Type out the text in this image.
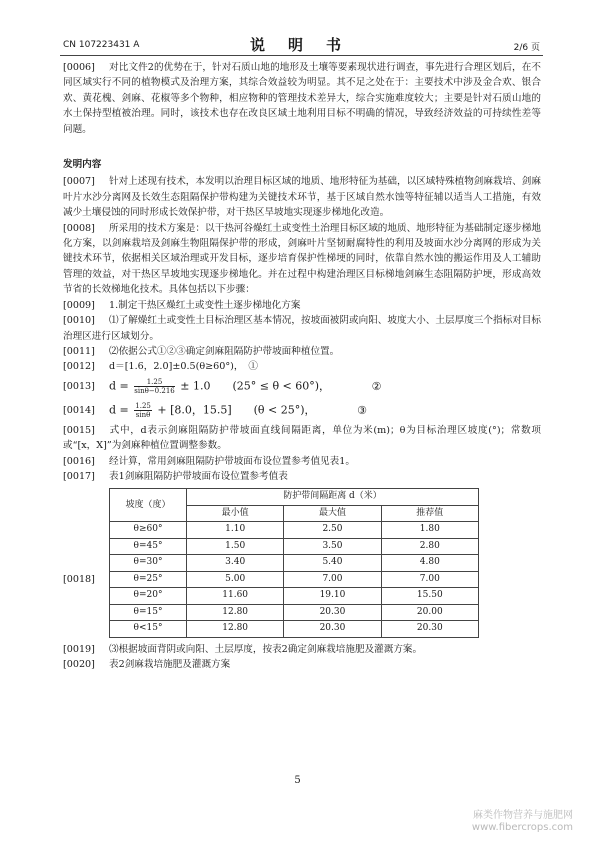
CN 107223431 A	说　明　书	2/6 页

[0006] 对比文件2的优势在于，针对石质山地的地形及土壤等要素现状进行调查，事先进行合理区划后，在不同区域实行不同的植物模式及治理方案，其综合效益较为明显。其不足之处在于：主要技术中涉及金合欢、银合欢、黄花槐、剑麻、花椒等多个物种，相应物种的管理技术差异大，综合实施难度较大；主要是针对石质山地的水土保持型植被治理。同时，该技术也存在改良区域土地利用目标不明确的情况，导致经济效益的可持续性差等问题。

发明内容

[0007] 针对上述现有技术，本发明以治理目标区域的地质、地形特征为基础，以区域特殊植物剑麻栽培、剑麻叶片水沙分离网及长效生态阻隔保护带构建为关键技术环节，基于区域自然水蚀等特征辅以适当人工措施，有效减少土壤侵蚀的同时形成长效保护带，对干热区旱坡地实现逐步梯地化改造。

[0008] 所采用的技术方案是：以干热河谷燥红土或变性土治理目标区域的地质、地形特征为基础制定逐步梯地化方案，以剑麻栽培及剑麻生物阻隔保护带的形成，剑麻叶片坚韧耐腐特性的利用及坡面水沙分离网的形成为关键技术环节，依据相关区域治理或开发目标，逐步培育保护性梯埂的同时，依靠自然水蚀的搬运作用及人工辅助管理的效益，对干热区旱坡地实现逐步梯地化。并在过程中构建治理区目标梯地剑麻生态阻隔防护埂，形成高效节省的长效梯地化技术。具体包括以下步骤：

[0009] 1.制定干热区燥红土或变性土逐步梯地化方案

[0010] ⑴了解燥红土或变性土目标治理区基本情况，按坡面被阴或向阳、坡度大小、土层厚度三个指标对目标治理区进行区域划分。

[0011] ⑵依据公式①②③确定剑麻阻隔防护带坡面种植位置。

[0012] d＝[1.6，2.0]±0.5(θ≥60°)，　①

[0013]	$d = \frac{1.25}{\sin\theta-0.216} \pm 1.0$　　(25° ≤ θ < 60°)，	②
[0014]	$d = \frac{1.25}{\sin\theta} + [8.0$，15.5]　　(θ < 25°)，	③

[0015] 式中，d表示剑麻阻隔防护带坡面直线间隔距离，单位为米(m)；θ为目标治理区坡度(°)；常数项或“[x，X]”为剑麻种植位置调整参数。

[0016] 经计算，常用剑麻阻隔防护带坡面布设位置参考值见表1。

[0017] 表1剑麻阻隔防护带坡面布设位置参考值表

[0018]
坡度（度）	防护带间隔距离 d（米）		
	最小值	最大值	推荐值
θ≥60°	1.10	2.50	1.80
θ=45°	1.50	3.50	2.80
θ=30°	3.40	5.40	4.80
θ=25°	5.00	7.00	7.00
θ=20°	11.60	19.10	15.50
θ=15°	12.80	20.30	20.00
θ<15°	12.80	20.30	20.30

[0019] ⑶根据坡面背阴或向阳、土层厚度，按表2确定剑麻栽培施肥及灌溉方案。

[0020] 表2剑麻栽培施肥及灌溉方案

5
麻类作物营养与施肥网
www.fibercrops.com
